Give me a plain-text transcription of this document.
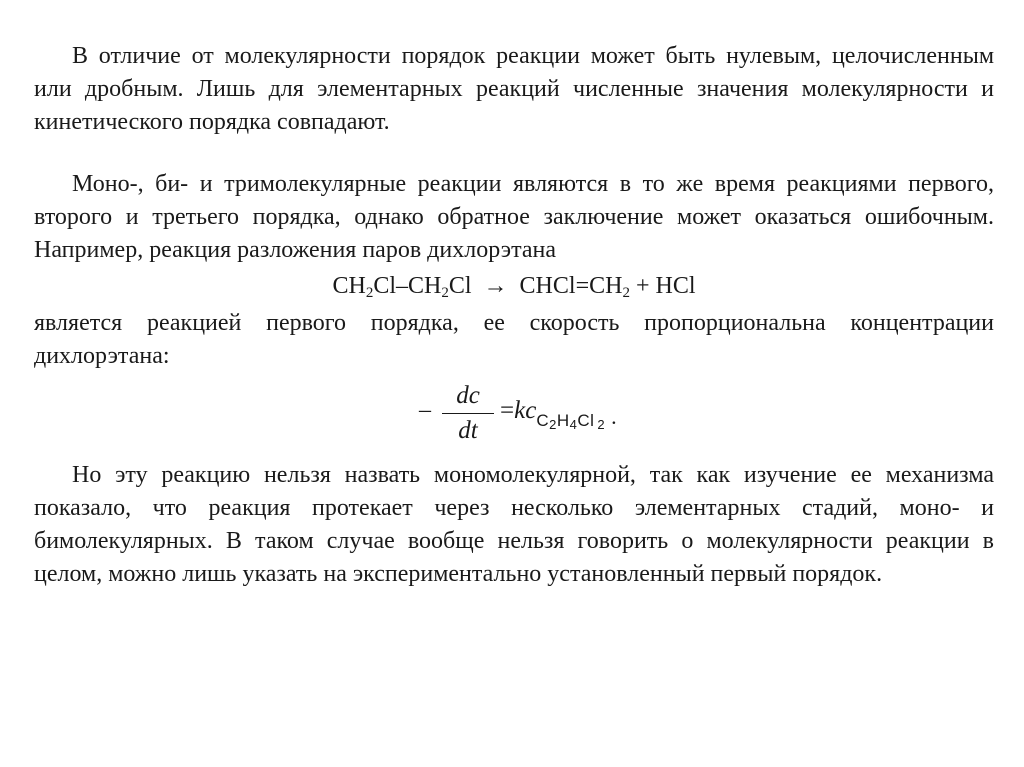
В отличие от молекулярности порядок реакции может быть нулевым, целочисленным или дробным. Лишь для элементарных реакций численные значения молекулярности и кинетического порядка совпадают.

Моно-, би- и тримолекулярные реакции являются в то же время реакциями первого, второго и третьего порядка, однако обратное заключение может оказаться ошибочным. Например, реакция разложения паров дихлорэтана

$CH_2Cl-CH_2Cl$ → $CHCl=CH_2$ + HCl

является реакцией первого порядка, ее скорость пропорциональна концентрации дихлорэтана:

–
dc
dt
$=kc_{C2H4Cl 2}$ .

Но эту реакцию нельзя назвать мономолекулярной, так как изучение ее механизма показало, что реакция протекает через несколько элементарных стадий, моно- и бимолекулярных. В таком случае вообще нельзя говорить о молекулярности реакции в целом, можно лишь указать на экспериментально установленный первый порядок.
